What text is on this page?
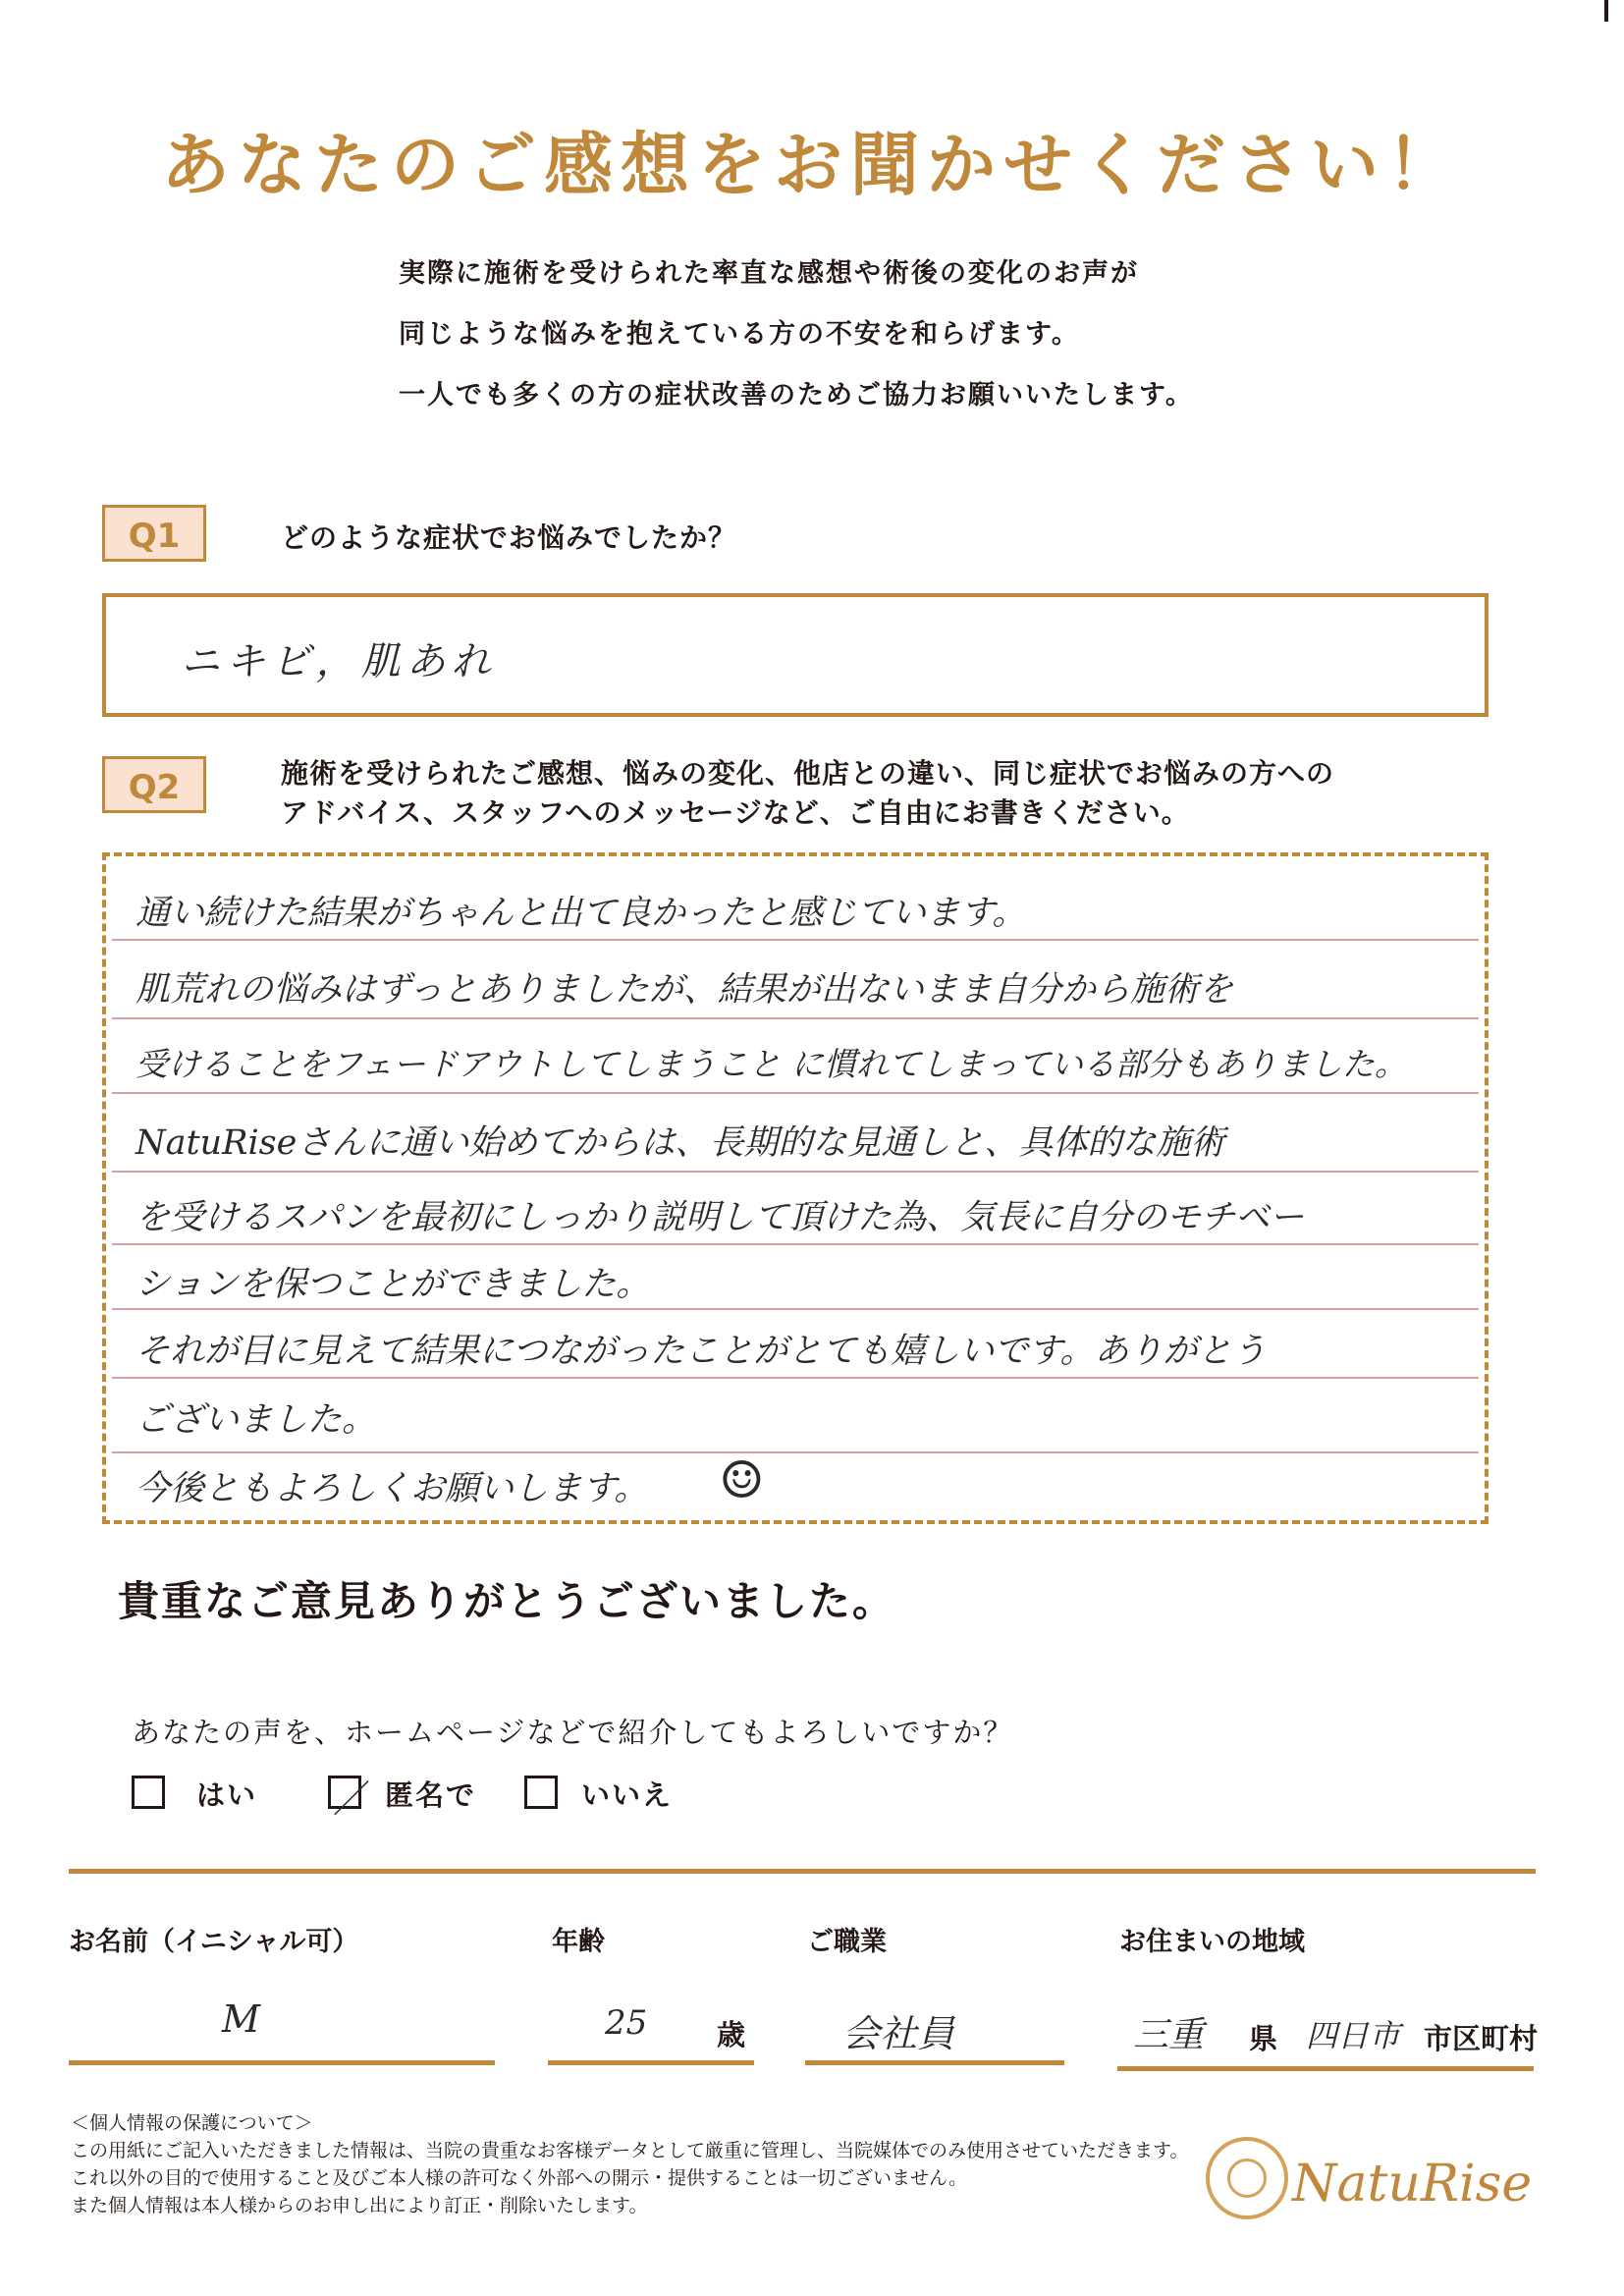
あなたのご感想をお聞かせください！
実際に施術を受けられた率直な感想や術後の変化のお声が
同じような悩みを抱えている方の不安を和らげます。
一人でも多くの方の症状改善のためご協力お願いいたします。
Q1	どのような症状でお悩みでしたか？
ニキビ，肌あれ
Q2	施術を受けられたご感想、悩みの変化、他店との違い、同じ症状でお悩みの方への
アドバイス、スタッフへのメッセージなど、ご自由にお書きください。
通い続けた結果がちゃんと出て良かったと感じています。
肌荒れの悩みはずっとありましたが、結果が出ないまま自分から施術を
受けることをフェードアウトしてしまうこと に慣れてしまっている部分もありました。
NatuRiseさんに通い始めてからは、長期的な見通しと、具体的な施術
を受けるスパンを最初にしっかり説明して頂けた為、気長に自分のモチベー
ションを保つことができました。
それが目に見えて結果につながったことがとても嬉しいです。ありがとう
ございました。
今後ともよろしくお願いします。 ☺
貴重なご意見ありがとうございました。
あなたの声を、ホームページなどで紹介してもよろしいですか？
はい ／ 匿名で	いいえ
お名前（イニシャル可）
M
年齢
25 歳
ご職業
会社員
お住まいの地域
三重 県 四日市 市区町村
＜個人情報の保護について＞
この用紙にご記入いただきました情報は、当院の貴重なお客様データとして厳重に管理し、当院媒体でのみ使用させていただきます。
これ以外の目的で使用すること及びご本人様の許可なく外部への開示・提供することは一切ございません。
また個人情報は本人様からのお申し出により訂正・削除いたします。	NatuRise
